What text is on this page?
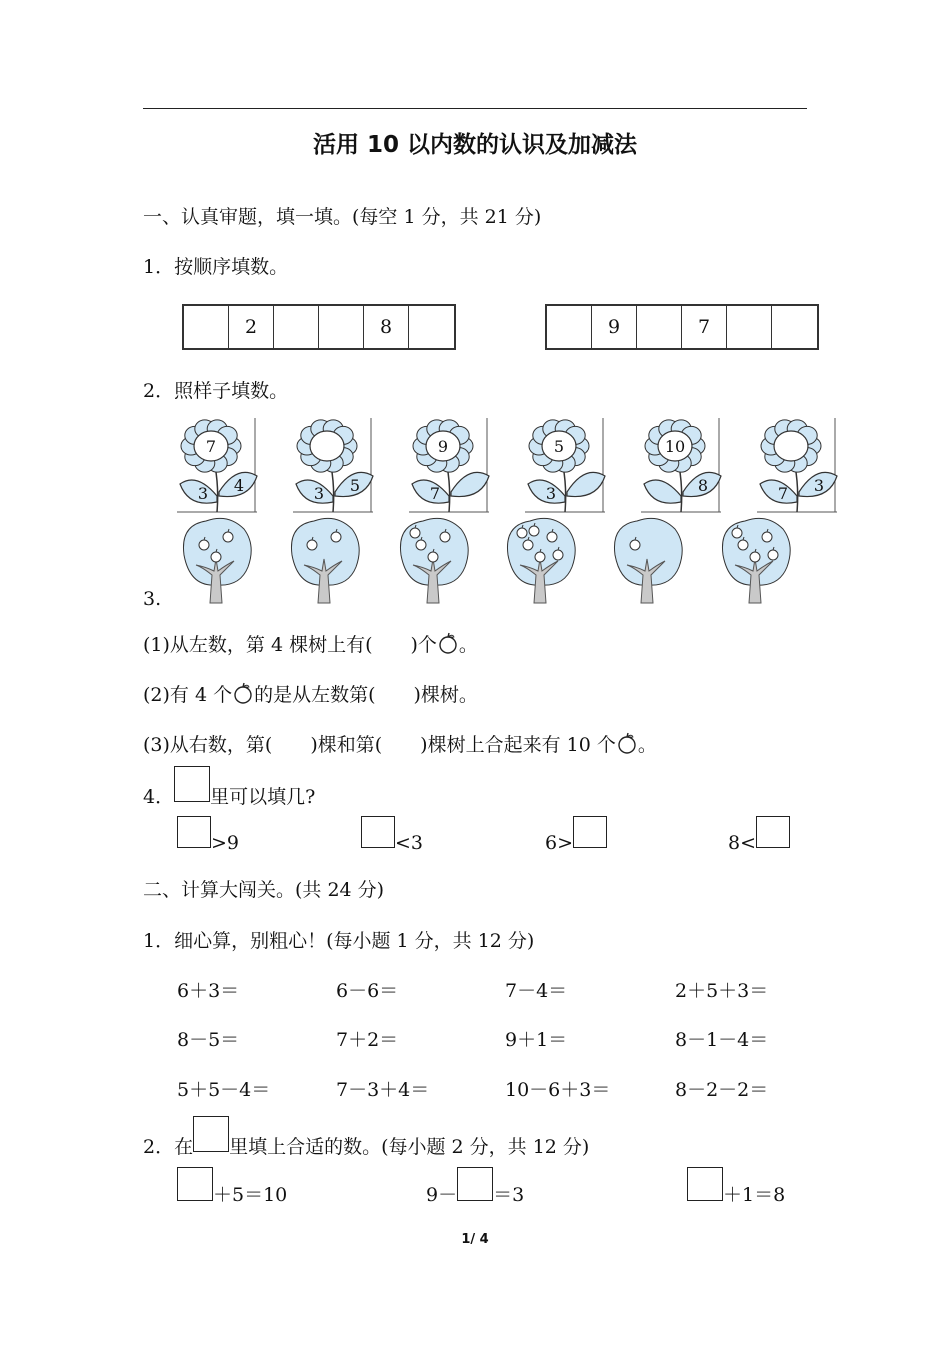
活用 10 以内数的认识及加减法
一、认真审题，填一填。(每空 1 分，共 21 分)
1．按顺序填数。
2	8	9	7
2．照样子填数。
7
3	4	3	5
9
7
5
3
10
8	7	3
3.
(1)从左数，第 4 棵树上有(　　)个 。
(2)有 4 个 的是从左数第(　　)棵树。
(3)从右数，第(　　)棵和第(　　)棵树上合起来有 10 个 。
4． 里可以填几?
>9	<3	6>	8<
二、计算大闯关。(共 24 分)
1．细心算，别粗心！(每小题 1 分，共 12 分)
6＋3＝	6－6＝	7－4＝	2＋5＋3＝
8－5＝	7＋2＝	9＋1＝	8－1－4＝
5＋5－4＝	7－3＋4＝	10－6＋3＝	8－2－2＝
2．在 里填上合适的数。(每小题 2 分，共 12 分)
＋5＝10	9－ ＝3	＋1＝8
1/ 4
